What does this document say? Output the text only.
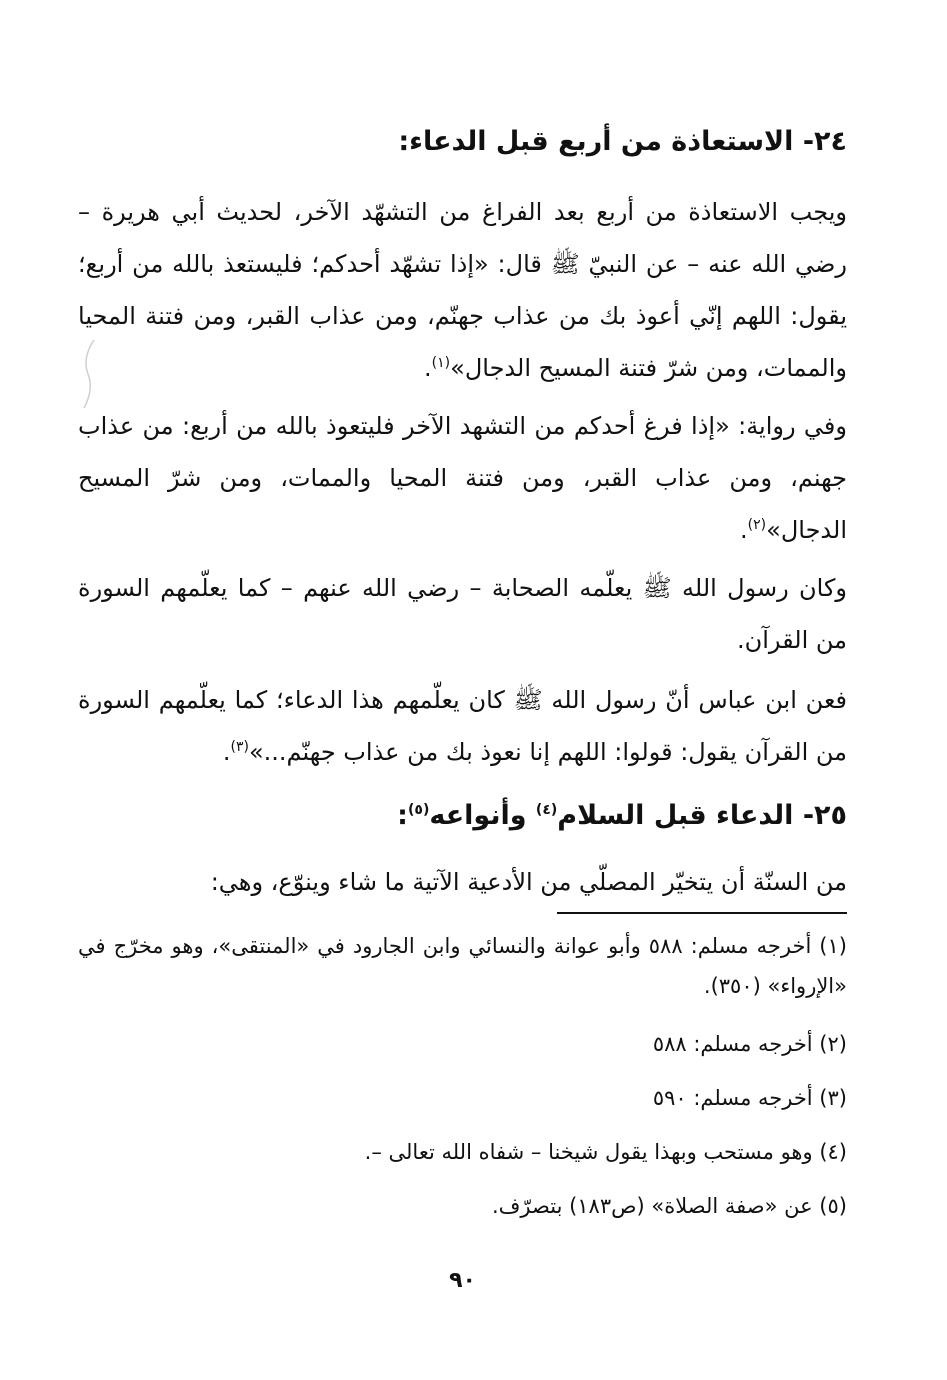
٢٤- الاستعاذة من أربع قبل الدعاء:
ويجب الاستعاذة من أربع بعد الفراغ من التشهّد الآخر، لحديث أبي هريرة – رضي الله عنه – عن النبيّ ﷺ قال: «إذا تشهّد أحدكم؛ فليستعذ بالله من أربع؛ يقول: اللهم إنّي أعوذ بك من عذاب جهنّم، ومن عذاب القبر، ومن فتنة المحيا والممات، ومن شرّ فتنة المسيح الدجال»$^{(١)}$.
وفي رواية: «إذا فرغ أحدكم من التشهد الآخر فليتعوذ بالله من أربع: من عذاب جهنم، ومن عذاب القبر، ومن فتنة المحيا والممات، ومن شرّ المسيح الدجال»$^{(٢)}$.
وكان رسول الله ﷺ يعلّمه الصحابة – رضي الله عنهم – كما يعلّمهم السورة من القرآن.
فعن ابن عباس أنّ رسول الله ﷺ كان يعلّمهم هذا الدعاء؛ كما يعلّمهم السورة من القرآن يقول: قولوا: اللهم إنا نعوذ بك من عذاب جهنّم...»$^{(٣)}$.
٢٥- الدعاء قبل السلام$^{(٤)}$ وأنواعه$^{(٥)}$:
من السنّة أن يتخيّر المصلّي من الأدعية الآتية ما شاء وينوّع، وهي:
(١) أخرجه مسلم: ٥٨٨ وأبو عوانة والنسائي وابن الجارود في «المنتقى»، وهو مخرّج في «الإرواء» (٣٥٠).
(٢) أخرجه مسلم: ٥٨٨
(٣) أخرجه مسلم: ٥٩٠
(٤) وهو مستحب وبهذا يقول شيخنا – شفاه الله تعالى –.
(٥) عن «صفة الصلاة» (ص١٨٣) بتصرّف.
٩٠
